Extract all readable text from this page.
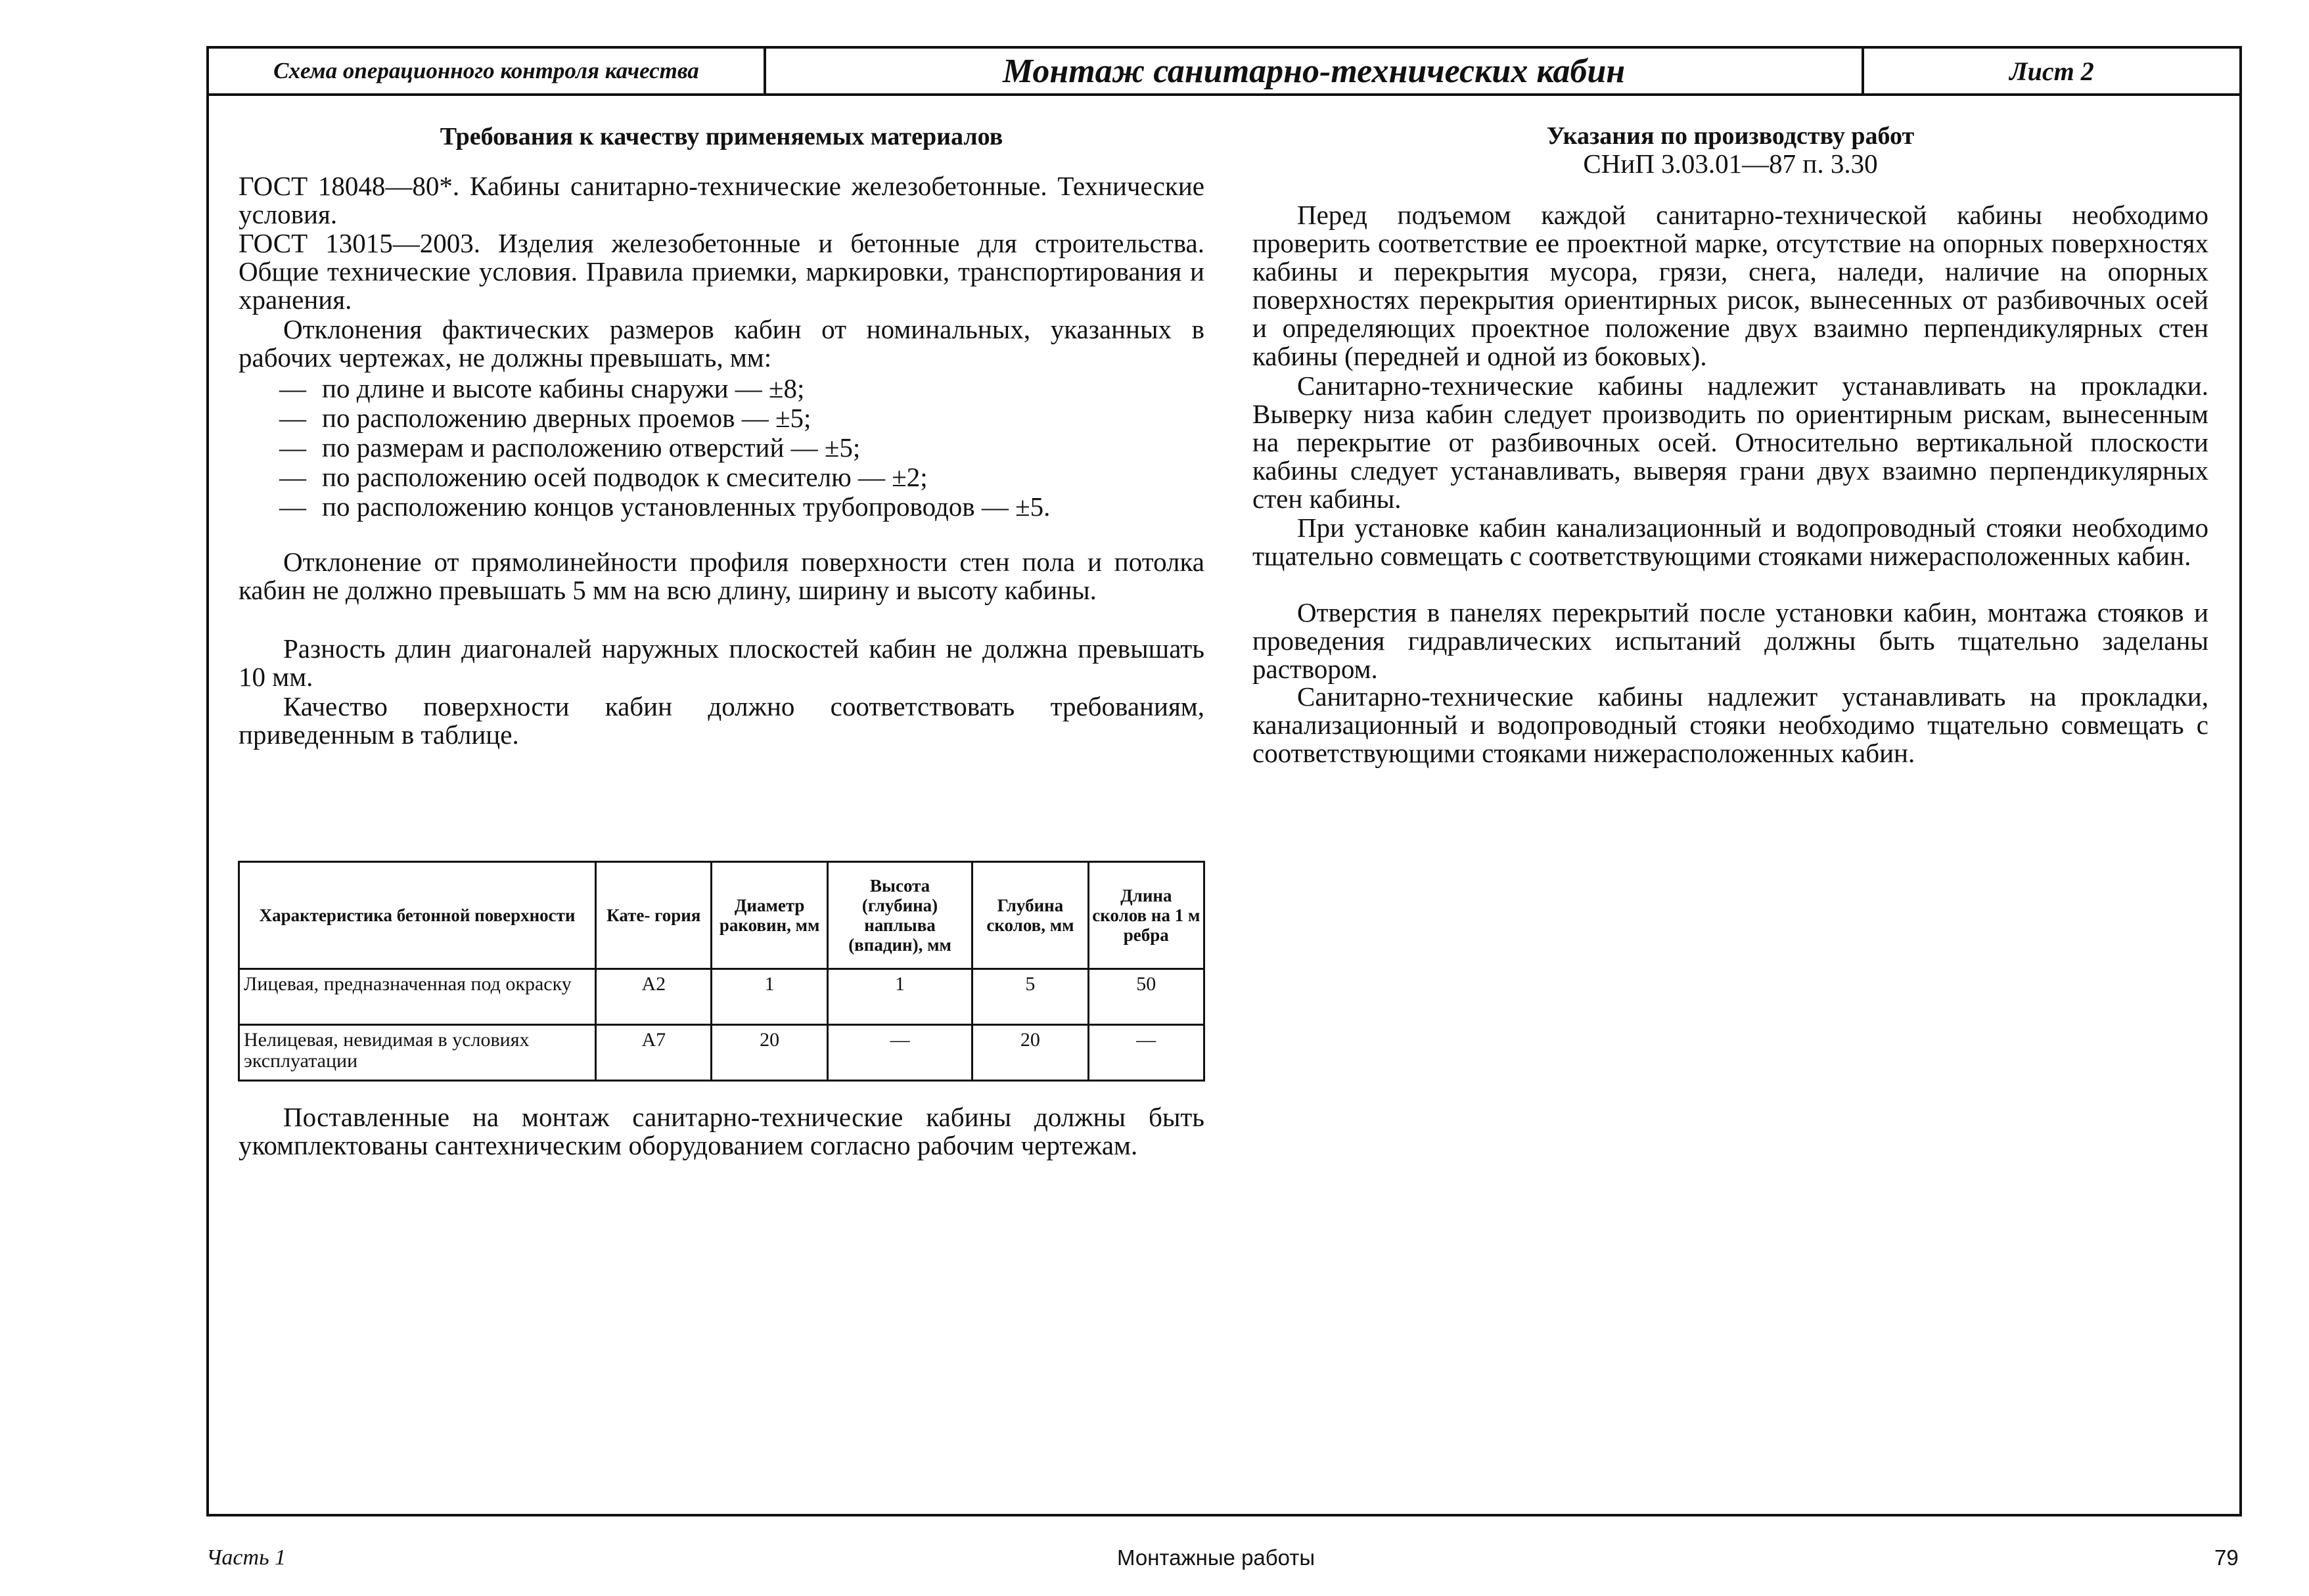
Схема операционного контроля качества	Монтаж санитарно-технических кабин	Лист 2
Требования к качеству применяемых материалов
ГОСТ 18048—80*. Кабины санитарно-технические железобетонные. Технические условия.
ГОСТ 13015—2003. Изделия железобетонные и бетонные для строительства. Общие технические условия. Правила приемки, маркировки, транспортирования и хранения.
Отклонения фактических размеров кабин от номинальных, указанных в рабочих чертежах, не должны превышать, мм:
— по длине и высоте кабины снаружи — ±8;
— по расположению дверных проемов — ±5;
— по размерам и расположению отверстий — ±5;
— по расположению осей подводок к смесителю — ±2;
— по расположению концов установленных трубопроводов — ±5.
Отклонение от прямолинейности профиля поверхности стен пола и потолка кабин не должно превышать 5 мм на всю длину, ширину и высоту кабины.
Разность длин диагоналей наружных плоскостей кабин не должна превышать 10 мм.
Качество поверхности кабин должно соответствовать требованиям, приведенным в таблице.
Поставленные на монтаж санитарно-технические кабины должны быть укомплектованы сантехническим оборудованием согласно рабочим чертежам.
Характеристика бетонной поверхности	Кате- гория	Диаметр раковин, мм	Высота (глубина) наплыва (впадин), мм	Глубина сколов, мм	Длина сколов на 1 м ребра
Лицевая, предназначенная под окраску	А2	1	1	5	50
Нелицевая, невидимая в условиях эксплуатации	А7	20	—	20	—
Указания по производству работ
СНиП 3.03.01—87 п. 3.30
Перед подъемом каждой санитарно-технической кабины необходимо проверить соответствие ее проектной марке, отсутствие на опорных поверхностях кабины и перекрытия мусора, грязи, снега, наледи, наличие на опорных поверхностях перекрытия ориентирных рисок, вынесенных от разбивочных осей и определяющих проектное положение двух взаимно перпендикулярных стен кабины (передней и одной из боковых).
Санитарно-технические кабины надлежит устанавливать на прокладки. Выверку низа кабин следует производить по ориентирным рискам, вынесенным на перекрытие от разбивочных осей. Относительно вертикальной плоскости кабины следует устанавливать, выверяя грани двух взаимно перпендикулярных стен кабины.
При установке кабин канализационный и водопроводный стояки необходимо тщательно совмещать с соответствующими стояками нижерасположенных кабин.
Отверстия в панелях перекрытий после установки кабин, монтажа стояков и проведения гидравлических испытаний должны быть тщательно заделаны раствором.
Санитарно-технические кабины надлежит устанавливать на прокладки, канализационный и водопроводный стояки необходимо тщательно совмещать с соответствующими стояками нижерасположенных кабин.
Часть 1	Монтажные работы	79
